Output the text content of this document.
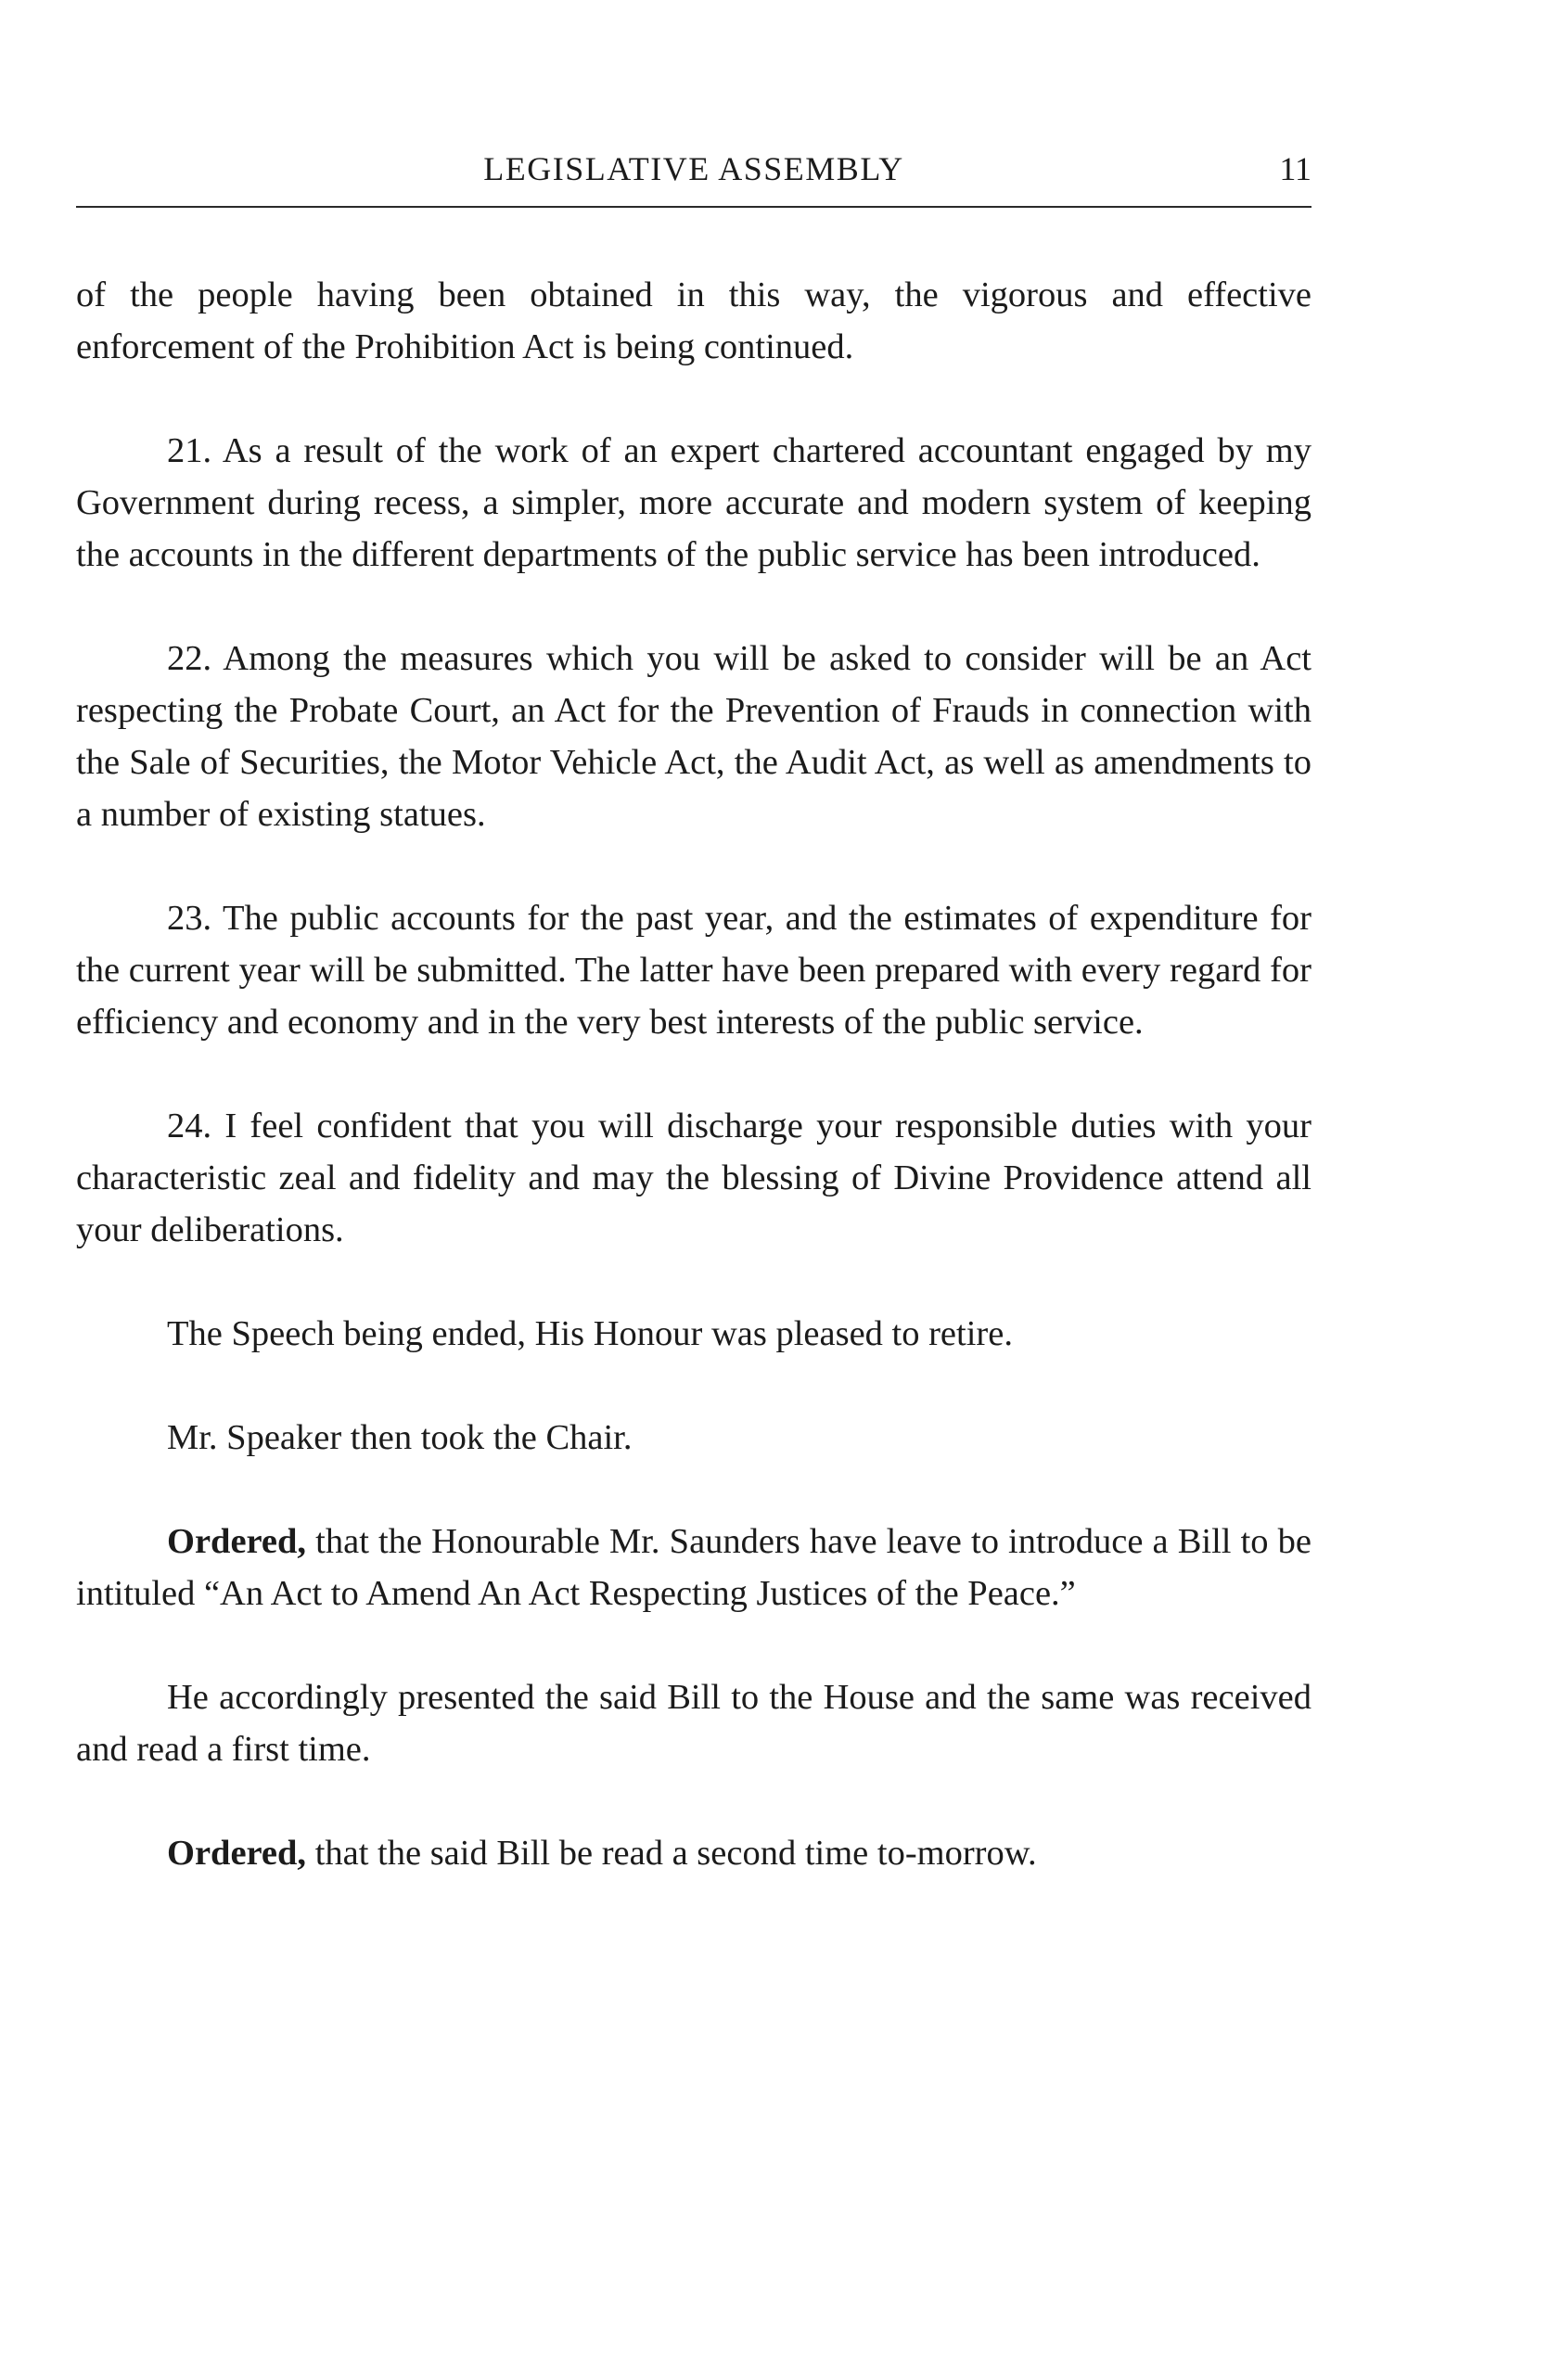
LEGISLATIVE ASSEMBLY	11

of the people having been obtained in this way, the vigorous and effective enforcement of the Prohibition Act is being continued.

21. As a result of the work of an expert chartered accountant engaged by my Government during recess, a simpler, more accurate and modern system of keeping the accounts in the different departments of the public service has been introduced.

22. Among the measures which you will be asked to consider will be an Act respecting the Probate Court, an Act for the Prevention of Frauds in connection with the Sale of Securities, the Motor Vehicle Act, the Audit Act, as well as amendments to a number of existing statues.

23. The public accounts for the past year, and the estimates of expenditure for the current year will be submitted. The latter have been prepared with every regard for efficiency and economy and in the very best interests of the public service.

24. I feel confident that you will discharge your responsible duties with your characteristic zeal and fidelity and may the blessing of Divine Providence attend all your deliberations.

The Speech being ended, His Honour was pleased to retire.

Mr. Speaker then took the Chair.

Ordered, that the Honourable Mr. Saunders have leave to introduce a Bill to be intituled “An Act to Amend An Act Respecting Justices of the Peace.”

He accordingly presented the said Bill to the House and the same was received and read a first time.

Ordered, that the said Bill be read a second time to-morrow.
